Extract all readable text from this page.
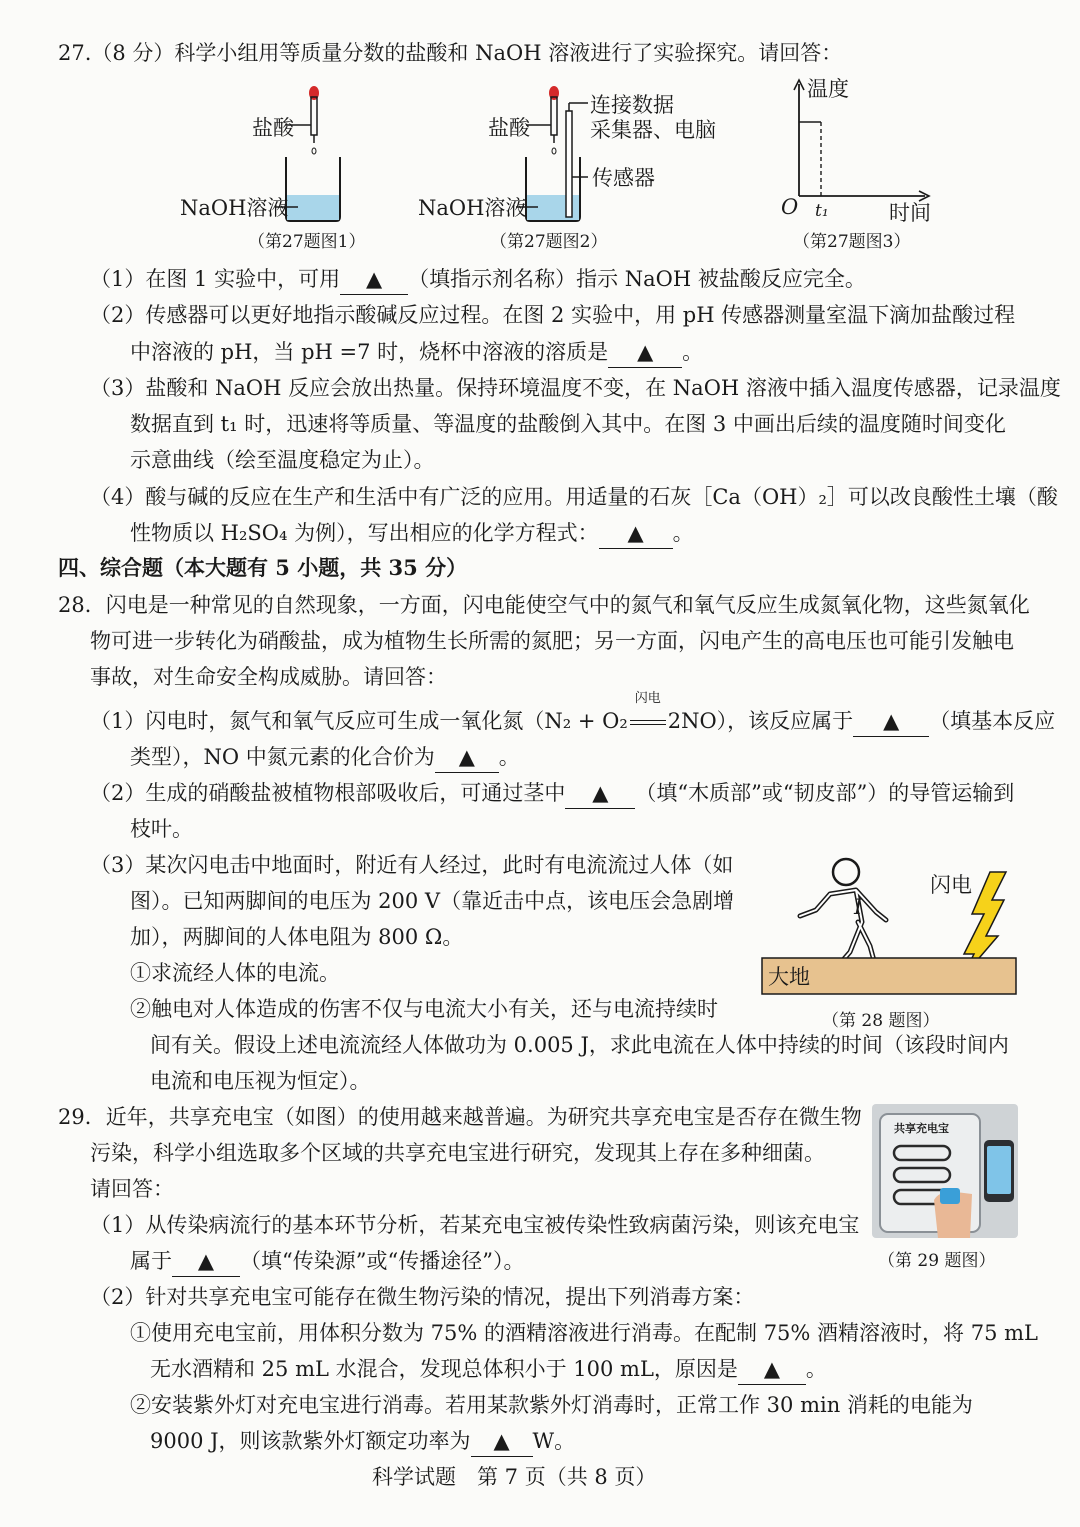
27.（8 分）科学小组用等质量分数的盐酸和 NaOH 溶液进行了实验探究。请回答：
盐酸
NaOH溶液
（第27题图1）
盐酸
连接数据
采集器、电脑
传感器
NaOH溶液
（第27题图2）
温度
O t₁	时间
（第27题图3）
（1）在图 1 实验中，可用 ▲ （填指示剂名称）指示 NaOH 被盐酸反应完全。
（2）传感器可以更好地指示酸碱反应过程。在图 2 实验中，用 pH 传感器测量室温下滴加盐酸过程
中溶液的 pH，当 pH =7 时，烧杯中溶液的溶质是 ▲ 。
（3）盐酸和 NaOH 反应会放出热量。保持环境温度不变，在 NaOH 溶液中插入温度传感器，记录温度
数据直到 t₁ 时，迅速将等质量、等温度的盐酸倒入其中。在图 3 中画出后续的温度随时间变化
示意曲线（绘至温度稳定为止）。
（4）酸与碱的反应在生产和生活中有广泛的应用。用适量的石灰［Ca（OH）₂］可以改良酸性土壤（酸
性物质以 H₂SO₄ 为例），写出相应的化学方程式： ▲ 。
四、综合题（本大题有 5 小题，共 35 分）
28．闪电是一种常见的自然现象，一方面，闪电能使空气中的氮气和氧气反应生成氮氧化物，这些氮氧化
物可进一步转化为硝酸盐，成为植物生长所需的氮肥；另一方面，闪电产生的高电压也可能引发触电
事故，对生命安全构成威胁。请回答：
（1）闪电时，氮气和氧气反应可生成一氧化氮（N₂ + O₂
闪电
2NO），该反应属于 ▲ （填基本反应
类型），NO 中氮元素的化合价为 ▲ 。
（2）生成的硝酸盐被植物根部吸收后，可通过茎中 ▲ （填“木质部”或“韧皮部”）的导管运输到
枝叶。
（3）某次闪电击中地面时，附近有人经过，此时有电流流过人体（如
图）。已知两脚间的电压为 200 V（靠近击中点，该电压会急剧增
加），两脚间的人体电阻为 800 Ω。
①求流经人体的电流。
②触电对人体造成的伤害不仅与电流大小有关，还与电流持续时
间有关。假设上述电流流经人体做功为 0.005 J，求此电流在人体中持续的时间（该段时间内
电流和电压视为恒定）。
大地
闪电
I
（第 28 题图）
29．近年，共享充电宝（如图）的使用越来越普遍。为研究共享充电宝是否存在微生物
污染，科学小组选取多个区域的共享充电宝进行研究，发现其上存在多种细菌。
请回答：
（1）从传染病流行的基本环节分析，若某充电宝被传染性致病菌污染，则该充电宝
属于 ▲ （填“传染源”或“传播途径”）。
（2）针对共享充电宝可能存在微生物污染的情况，提出下列消毒方案：
①使用充电宝前，用体积分数为 75% 的酒精溶液进行消毒。在配制 75% 酒精溶液时，将 75 mL
无水酒精和 25 mL 水混合，发现总体积小于 100 mL，原因是 ▲ 。
②安装紫外灯对充电宝进行消毒。若用某款紫外灯消毒时，正常工作 30 min 消耗的电能为
9000 J，则该款紫外灯额定功率为 ▲ W。
共享充电宝
（第 29 题图）
科学试题　第 7 页（共 8 页）
